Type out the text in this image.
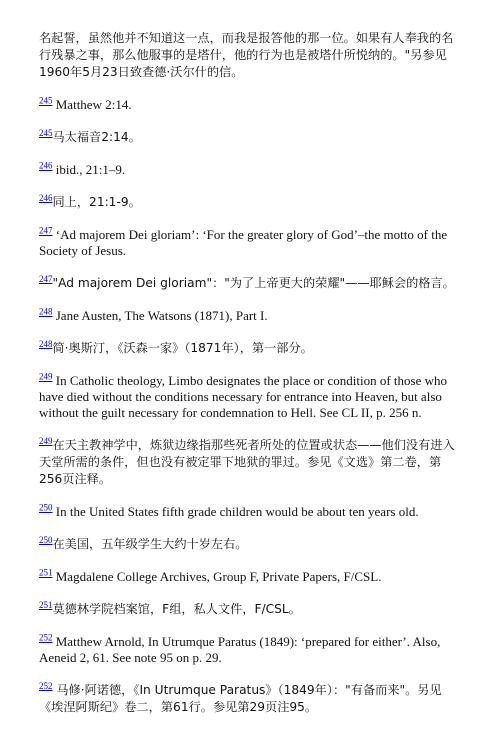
名起誓，虽然他并不知道这一点，而我是报答他的那一位。如果有人奉我的名行残暴之事，那么他服事的是塔什，他的行为也是被塔什所悦纳的。"另参见1960年5月23日致查德·沃尔什的信。

$^{245}$ Matthew 2:14.

$^{245}$马太福音2:14。

$^{246}$ ibid., 21:1–9.

$^{246}$同上，21:1-9。

$^{247}$ ‘Ad majorem Dei gloriam’: ‘For the greater glory of God’–the motto of the Society of Jesus.

$^{247}$"Ad majorem Dei gloriam"："为了上帝更大的荣耀"——耶稣会的格言。

$^{248}$ Jane Austen, The Watsons (1871), Part I.

$^{248}$简·奥斯汀，《沃森一家》（1871年），第一部分。

$^{249}$ In Catholic theology, Limbo designates the place or condition of those who have died without the conditions necessary for entrance into Heaven, but also without the guilt necessary for condemnation to Hell. See CL II, p. 256 n.

$^{249}$在天主教神学中，炼狱边缘指那些死者所处的位置或状态——他们没有进入天堂所需的条件，但也没有被定罪下地狱的罪过。参见《文选》第二卷，第256页注释。

$^{250}$ In the United States fifth grade children would be about ten years old.

$^{250}$在美国，五年级学生大约十岁左右。

$^{251}$ Magdalene College Archives, Group F, Private Papers, F/CSL.

$^{251}$莫德林学院档案馆，F组，私人文件，F/CSL。

$^{252}$ Matthew Arnold, In Utrumque Paratus (1849): ‘prepared for either’. Also, Aeneid 2, 61. See note 95 on p. 29.

$^{252}$ 马修·阿诺德，《In Utrumque Paratus》（1849年）："有备而来"。另见《埃涅阿斯纪》卷二，第61行。参见第29页注95。
